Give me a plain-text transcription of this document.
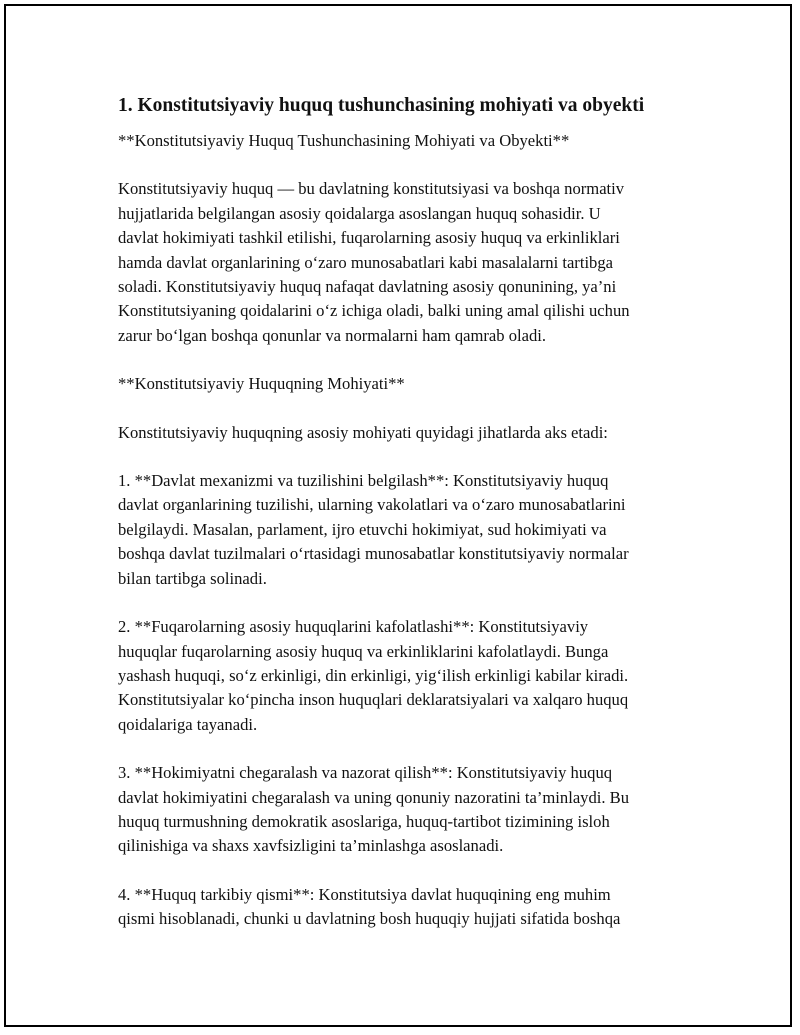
1. Konstitutsiyaviy huquq tushunchasining mohiyati va obyekti

**Konstitutsiyaviy Huquq Tushunchasining Mohiyati va Obyekti**

Konstitutsiyaviy huquq — bu davlatning konstitutsiyasi va boshqa normativ
hujjatlarida belgilangan asosiy qoidalarga asoslangan huquq sohasidir. U
davlat hokimiyati tashkil etilishi, fuqarolarning asosiy huquq va erkinliklari
hamda davlat organlarining o‘zaro munosabatlari kabi masalalarni tartibga
soladi. Konstitutsiyaviy huquq nafaqat davlatning asosiy qonunining, ya’ni
Konstitutsiyaning qoidalarini o‘z ichiga oladi, balki uning amal qilishi uchun
zarur bo‘lgan boshqa qonunlar va normalarni ham qamrab oladi.

**Konstitutsiyaviy Huquqning Mohiyati**

Konstitutsiyaviy huquqning asosiy mohiyati quyidagi jihatlarda aks etadi:

1. **Davlat mexanizmi va tuzilishini belgilash**: Konstitutsiyaviy huquq
davlat organlarining tuzilishi, ularning vakolatlari va o‘zaro munosabatlarini
belgilaydi. Masalan, parlament, ijro etuvchi hokimiyat, sud hokimiyati va
boshqa davlat tuzilmalari o‘rtasidagi munosabatlar konstitutsiyaviy normalar
bilan tartibga solinadi.

2. **Fuqarolarning asosiy huquqlarini kafolatlashi**: Konstitutsiyaviy
huquqlar fuqarolarning asosiy huquq va erkinliklarini kafolatlaydi. Bunga
yashash huquqi, so‘z erkinligi, din erkinligi, yig‘ilish erkinligi kabilar kiradi.
Konstitutsiyalar ko‘pincha inson huquqlari deklaratsiyalari va xalqaro huquq
qoidalariga tayanadi.

3. **Hokimiyatni chegaralash va nazorat qilish**: Konstitutsiyaviy huquq
davlat hokimiyatini chegaralash va uning qonuniy nazoratini ta’minlaydi. Bu
huquq turmushning demokratik asoslariga, huquq-tartibot tizimining isloh
qilinishiga va shaxs xavfsizligini ta’minlashga asoslanadi.

4. **Huquq tarkibiy qismi**: Konstitutsiya davlat huquqining eng muhim
qismi hisoblanadi, chunki u davlatning bosh huquqiy hujjati sifatida boshqa
